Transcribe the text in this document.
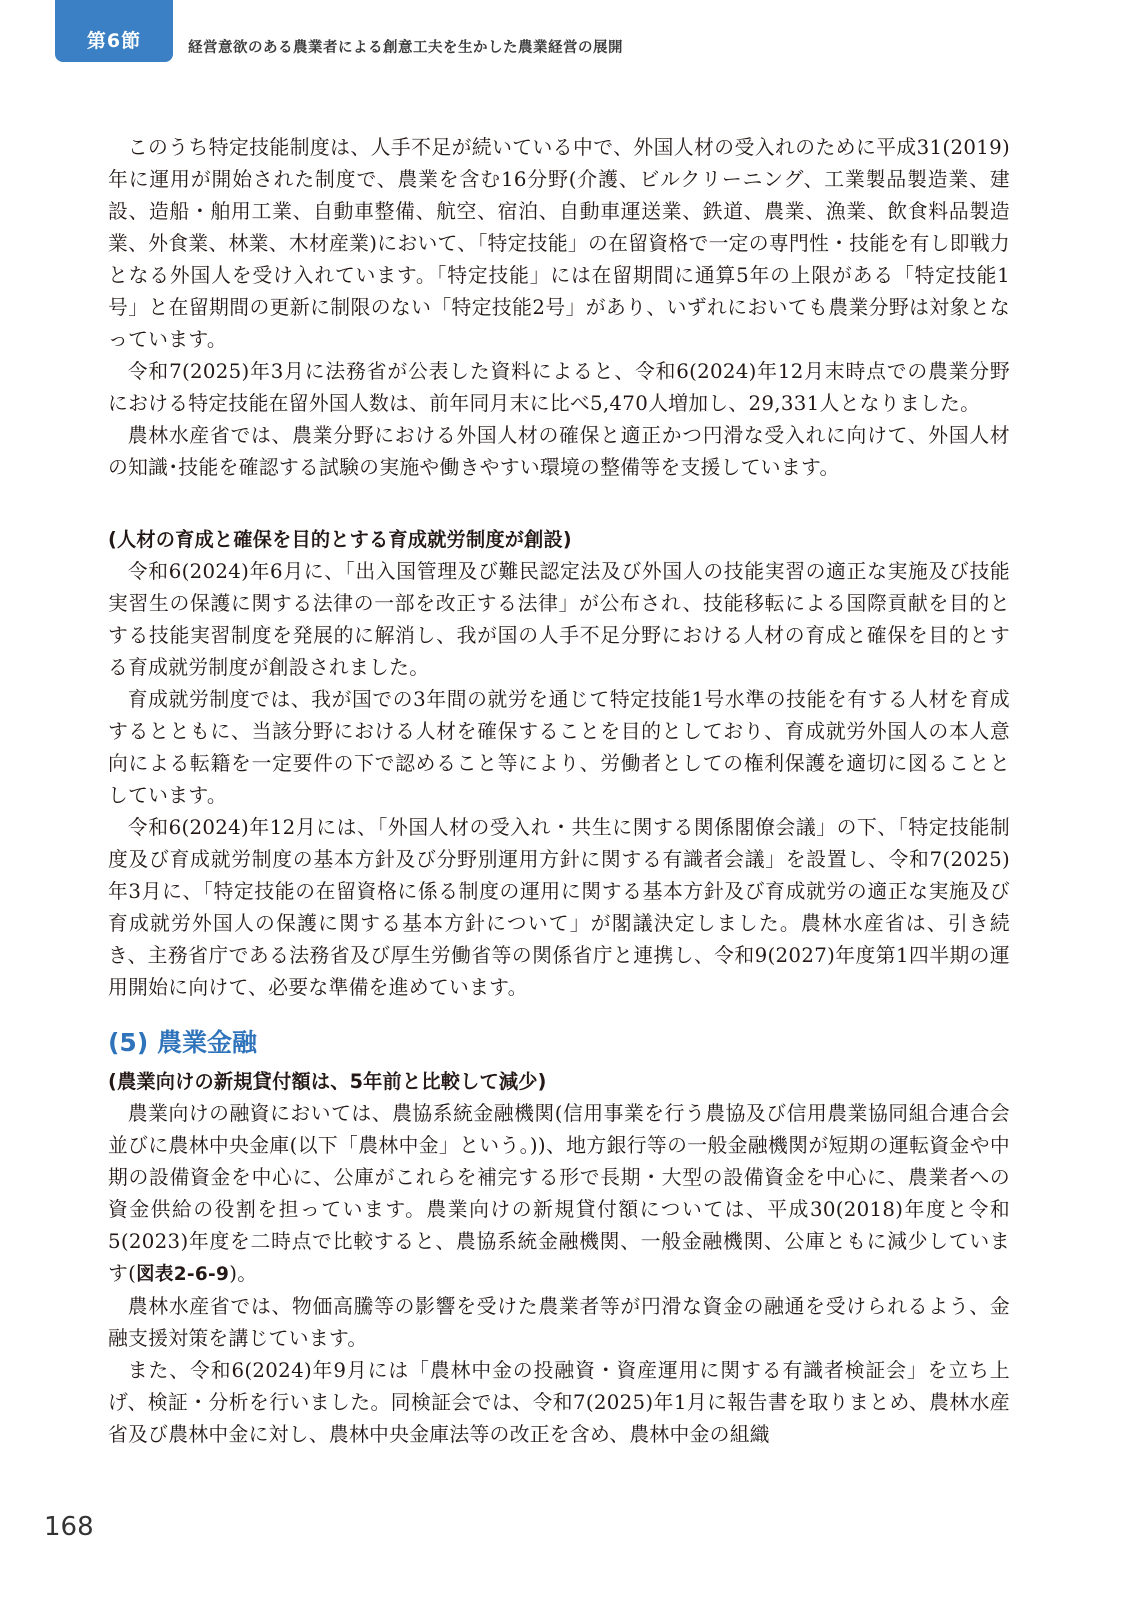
第6節	経営意欲のある農業者による創意工夫を生かした農業経営の展開

このうち特定技能制度は、人手不足が続いている中で、外国人材の受入れのために平成31(2019)年に運用が開始された制度で、農業を含む16分野(介護、ビルクリーニング、工業製品製造業、建設、造船・舶用工業、自動車整備、航空、宿泊、自動車運送業、鉄道、農業、漁業、飲食料品製造業、外食業、林業、木材産業)において、「特定技能」の在留資格で一定の専門性・技能を有し即戦力となる外国人を受け入れています。「特定技能」には在留期間に通算5年の上限がある「特定技能1号」と在留期間の更新に制限のない「特定技能2号」があり、いずれにおいても農業分野は対象となっています。

令和7(2025)年3月に法務省が公表した資料によると、令和6(2024)年12月末時点での農業分野における特定技能在留外国人数は、前年同月末に比べ5,470人増加し、29,331人となりました。

農林水産省では、農業分野における外国人材の確保と適正かつ円滑な受入れに向けて、外国人材の知識･技能を確認する試験の実施や働きやすい環境の整備等を支援しています。

(人材の育成と確保を目的とする育成就労制度が創設)

令和6(2024)年6月に、「出入国管理及び難民認定法及び外国人の技能実習の適正な実施及び技能実習生の保護に関する法律の一部を改正する法律」が公布され、技能移転による国際貢献を目的とする技能実習制度を発展的に解消し、我が国の人手不足分野における人材の育成と確保を目的とする育成就労制度が創設されました。

育成就労制度では、我が国での3年間の就労を通じて特定技能1号水準の技能を有する人材を育成するとともに、当該分野における人材を確保することを目的としており、育成就労外国人の本人意向による転籍を一定要件の下で認めること等により、労働者としての権利保護を適切に図ることとしています。

令和6(2024)年12月には、「外国人材の受入れ・共生に関する関係閣僚会議」の下、「特定技能制度及び育成就労制度の基本方針及び分野別運用方針に関する有識者会議」を設置し、令和7(2025)年3月に、「特定技能の在留資格に係る制度の運用に関する基本方針及び育成就労の適正な実施及び育成就労外国人の保護に関する基本方針について」が閣議決定しました。農林水産省は、引き続き、主務省庁である法務省及び厚生労働省等の関係省庁と連携し、令和9(2027)年度第1四半期の運用開始に向けて、必要な準備を進めています。

(5) 農業金融

(農業向けの新規貸付額は、5年前と比較して減少)

農業向けの融資においては、農協系統金融機関(信用事業を行う農協及び信用農業協同組合連合会並びに農林中央金庫(以下「農林中金」という。))、地方銀行等の一般金融機関が短期の運転資金や中期の設備資金を中心に、公庫がこれらを補完する形で長期・大型の設備資金を中心に、農業者への資金供給の役割を担っています。農業向けの新規貸付額については、平成30(2018)年度と令和5(2023)年度を二時点で比較すると、農協系統金融機関、一般金融機関、公庫ともに減少しています(図表2-6-9)。

農林水産省では、物価高騰等の影響を受けた農業者等が円滑な資金の融通を受けられるよう、金融支援対策を講じています。

また、令和6(2024)年9月には「農林中金の投融資・資産運用に関する有識者検証会」を立ち上げ、検証・分析を行いました。同検証会では、令和7(2025)年1月に報告書を取りまとめ、農林水産省及び農林中金に対し、農林中央金庫法等の改正を含め、農林中金の組織

168
